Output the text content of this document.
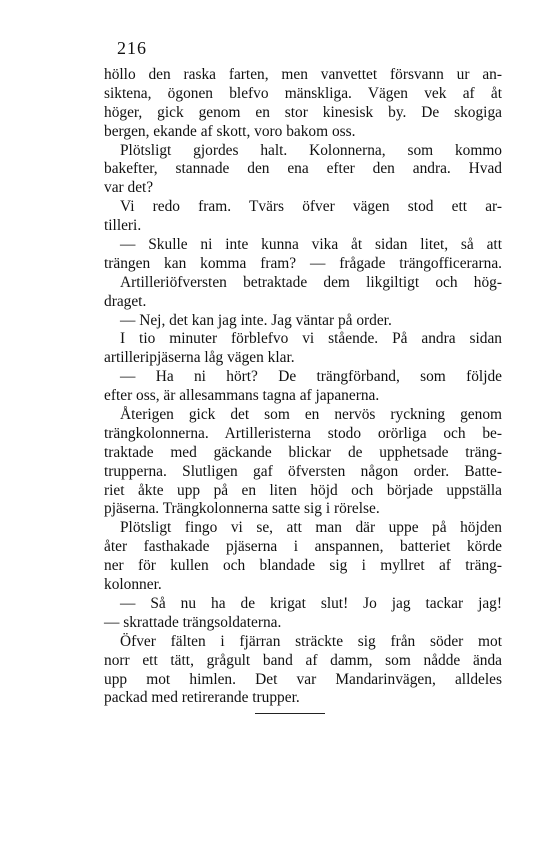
216
höllo den raska farten, men vanvettet försvann ur an-
siktena, ögonen blefvo mänskliga. Vägen vek af åt
höger, gick genom en stor kinesisk by. De skogiga
bergen, ekande af skott, voro bakom oss.
Plötsligt gjordes halt. Kolonnerna, som kommo
bakefter, stannade den ena efter den andra. Hvad
var det?
Vi redo fram. Tvärs öfver vägen stod ett ar-
tilleri.
— Skulle ni inte kunna vika åt sidan litet, så att
trängen kan komma fram? — frågade trängofficerarna.
Artilleriöfversten betraktade dem likgiltigt och hög-
draget.
— Nej, det kan jag inte. Jag väntar på order.
I tio minuter förblefvo vi stående. På andra sidan
artilleripjäserna låg vägen klar.
— Ha ni hört? De trängförband, som följde
efter oss, är allesammans tagna af japanerna.
Återigen gick det som en nervös ryckning genom
trängkolonnerna. Artilleristerna stodo orörliga och be-
traktade med gäckande blickar de upphetsade träng-
trupperna. Slutligen gaf öfversten någon order. Batte-
riet åkte upp på en liten höjd och började uppställa
pjäserna. Trängkolonnerna satte sig i rörelse.
Plötsligt fingo vi se, att man där uppe på höjden
åter fasthakade pjäserna i anspannen, batteriet körde
ner för kullen och blandade sig i myllret af träng-
kolonner.
— Så nu ha de krigat slut! Jo jag tackar jag!
— skrattade trängsoldaterna.
Öfver fälten i fjärran sträckte sig från söder mot
norr ett tätt, grågult band af damm, som nådde ända
upp mot himlen. Det var Mandarinvägen, alldeles
packad med retirerande trupper.
